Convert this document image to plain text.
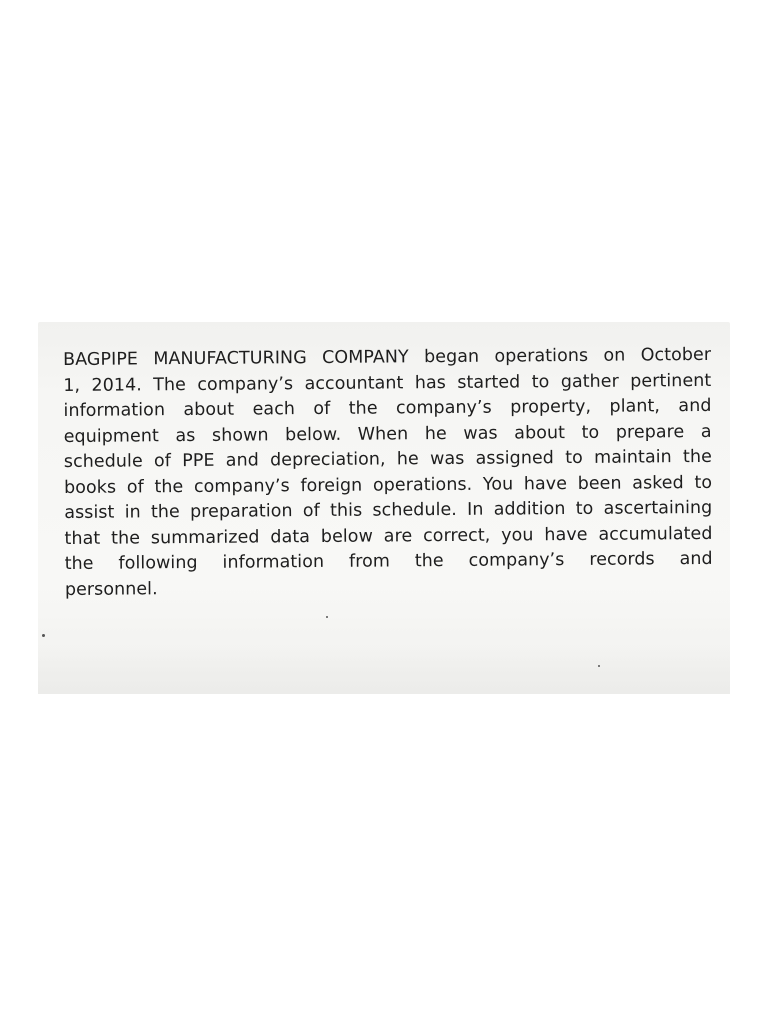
BAGPIPE MANUFACTURING COMPANY began operations on October
1, 2014. The company’s accountant has started to gather pertinent
information about each of the company’s property, plant, and
equipment as shown below. When he was about to prepare a
schedule of PPE and depreciation, he was assigned to maintain the
books of the company’s foreign operations. You have been asked to
assist in the preparation of this schedule. In addition to ascertaining
that the summarized data below are correct, you have accumulated
the following information from the company’s records and
personnel.
